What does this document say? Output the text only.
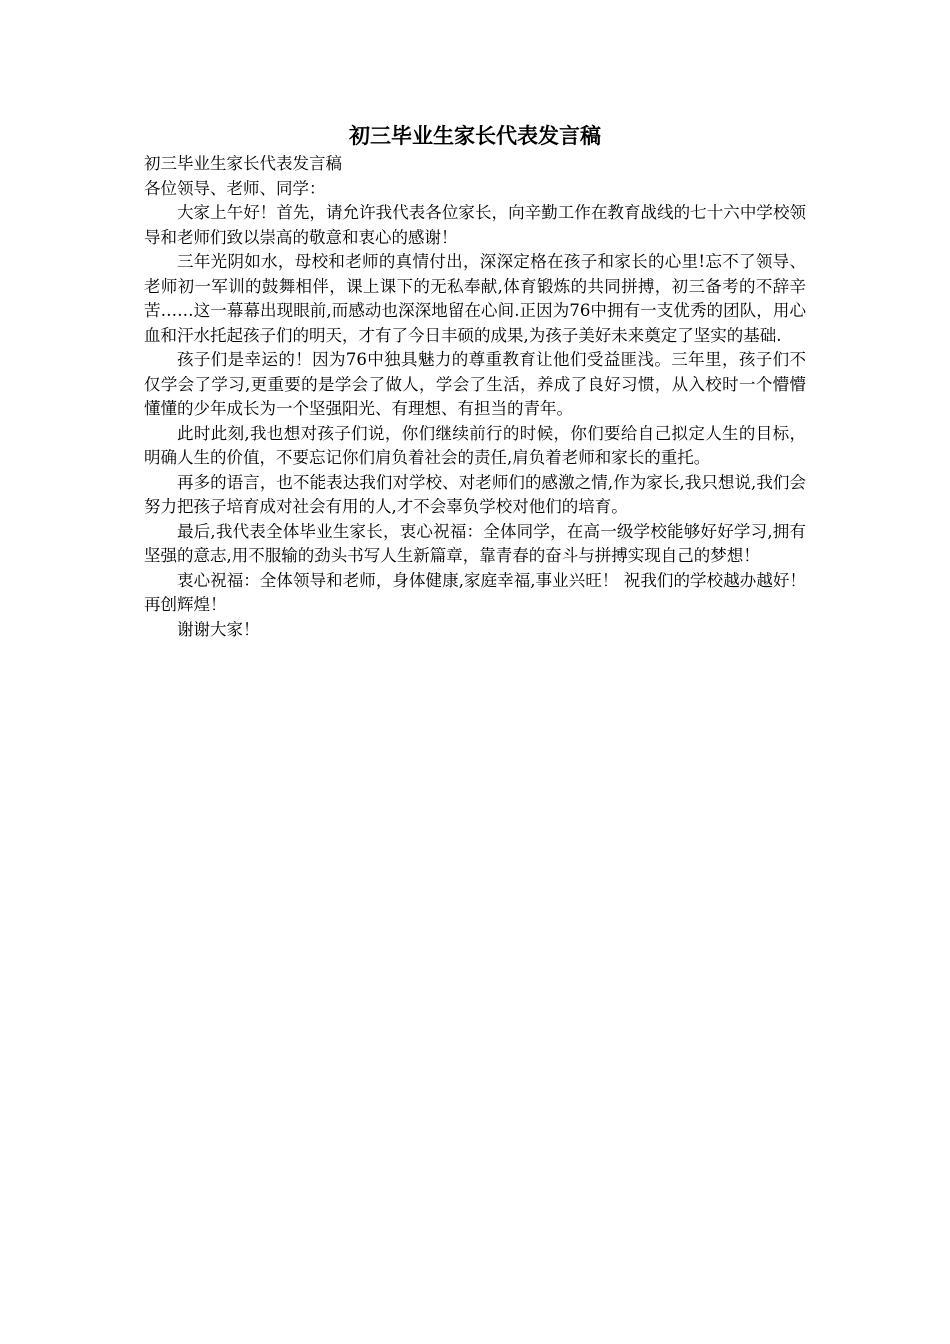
初三毕业生家长代表发言稿

初三毕业生家长代表发言稿

各位领导、老师、同学：

大家上午好！首先，请允许我代表各位家长，向辛勤工作在教育战线的七十六中学校领导和老师们致以崇高的敬意和衷心的感谢！

三年光阴如水，母校和老师的真情付出，深深定格在孩子和家长的心里!忘不了领导、老师初一军训的鼓舞相伴，课上课下的无私奉献,体育锻炼的共同拼搏，初三备考的不辞辛苦……这一幕幕出现眼前,而感动也深深地留在心间.正因为76中拥有一支优秀的团队，用心血和汗水托起孩子们的明天，才有了今日丰硕的成果,为孩子美好未来奠定了坚实的基础.

孩子们是幸运的！因为76中独具魅力的尊重教育让他们受益匪浅。三年里，孩子们不仅学会了学习,更重要的是学会了做人，学会了生活，养成了良好习惯，从入校时一个懵懵懂懂的少年成长为一个坚强阳光、有理想、有担当的青年。

此时此刻,我也想对孩子们说，你们继续前行的时候，你们要给自己拟定人生的目标，明确人生的价值，不要忘记你们肩负着社会的责任,肩负着老师和家长的重托。

再多的语言，也不能表达我们对学校、对老师们的感激之情,作为家长,我只想说,我们会努力把孩子培育成对社会有用的人,才不会辜负学校对他们的培育。

最后,我代表全体毕业生家长，衷心祝福：全体同学，在高一级学校能够好好学习,拥有坚强的意志,用不服输的劲头书写人生新篇章，靠青春的奋斗与拼搏实现自己的梦想！

衷心祝福：全体领导和老师，身体健康,家庭幸福,事业兴旺！ 祝我们的学校越办越好！再创辉煌！

谢谢大家！
